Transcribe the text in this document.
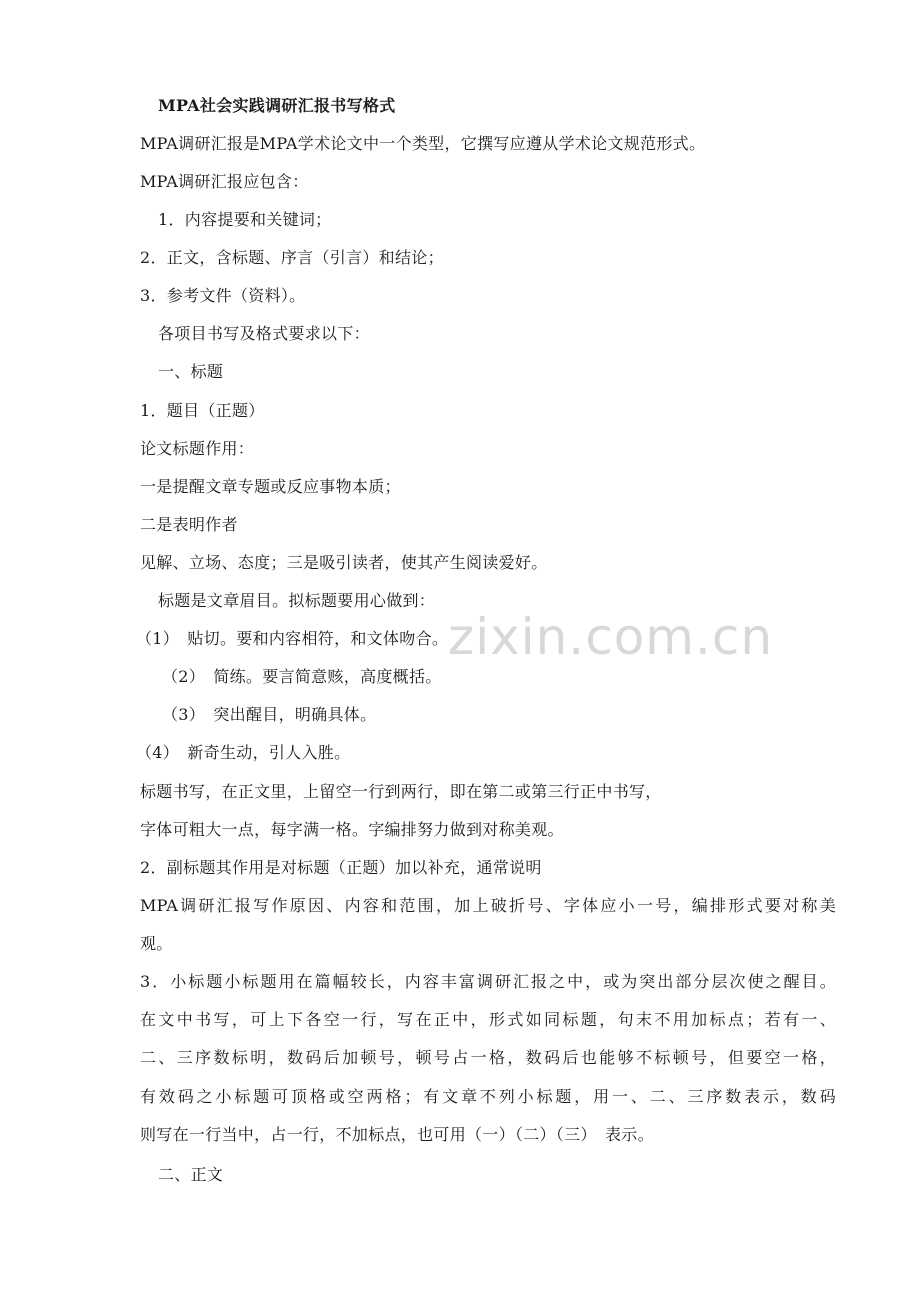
MPA社会实践调研汇报书写格式
MPA调研汇报是MPA学术论文中一个类型，它撰写应遵从学术论文规范形式。
MPA调研汇报应包含：
1．内容提要和关键词；
2．正文，含标题、序言（引言）和结论；
3．参考文件（资料）。
各项目书写及格式要求以下：
一、标题
1．题目（正题）
论文标题作用：
一是提醒文章专题或反应事物本质；
二是表明作者
见解、立场、态度；三是吸引读者，使其产生阅读爱好。
标题是文章眉目。拟标题要用心做到：
（1）　贴切。要和内容相符，和文体吻合。
（2）　简练。要言简意赅，高度概括。
（3）　突出醒目，明确具体。
（4）　新奇生动，引人入胜。
标题书写，在正文里，上留空一行到两行，即在第二或第三行正中书写，
字体可粗大一点，每字满一格。字编排努力做到对称美观。
2．副标题其作用是对标题（正题）加以补充，通常说明
MPA调研汇报写作原因、内容和范围，加上破折号、字体应小一号，编排形式要对称美
观。
3．小标题小标题用在篇幅较长，内容丰富调研汇报之中，或为突出部分层次使之醒目。
在文中书写，可上下各空一行，写在正中，形式如同标题，句末不用加标点；若有一、
二、三序数标明，数码后加顿号，顿号占一格，数码后也能够不标顿号，但要空一格，
有效码之小标题可顶格或空两格；有文章不列小标题，用一、二、三序数表示，数码
则写在一行当中，占一行，不加标点，也可用（一）（二）（三）　表示。
二、正文
zixin.com.cn
